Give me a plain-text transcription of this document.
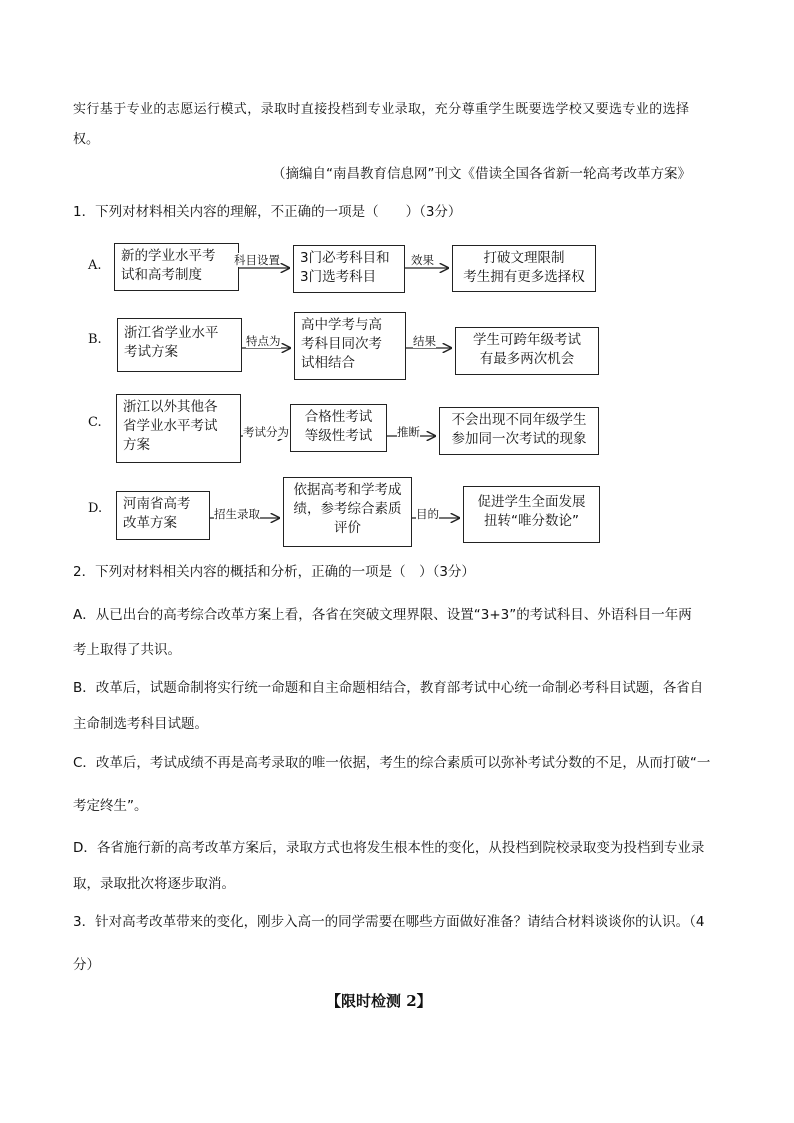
实行基于专业的志愿运行模式，录取时直接投档到专业录取，充分尊重学生既要选学校又要选专业的选择
权。
（摘编自“南昌教育信息网”刊文《借读全国各省新一轮高考改革方案》
1．下列对材料相关内容的理解，不正确的一项是（　　）（3分）
A.
新的学业水平考
试和高考制度
科目设置 3门必考科目和
3门选考科目
效果	打破文理限制
考生拥有更多选择权
B. 浙江省学业水平
考试方案
特点为
高中学考与高
考科目同次考
试相结合
结果	学生可跨年级考试
有最多两次机会
C.
浙江以外其他各
省学业水平考试
方案
考试分为
合格性考试
等级性考试	推断
不会出现不同年级学生
参加同一次考试的现象
D. 河南省高考
改革方案
招生录取
依据高考和学考成
绩，参考综合素质
评价
目的
促进学生全面发展
扭转“唯分数论”
2．下列对材料相关内容的概括和分析，正确的一项是（　）（3分）
A．从已出台的高考综合改革方案上看，各省在突破文理界限、设置“3+3”的考试科目、外语科目一年两
考上取得了共识。
B．改革后，试题命制将实行统一命题和自主命题相结合，教育部考试中心统一命制必考科目试题，各省自
主命制选考科目试题。
C．改革后，考试成绩不再是高考录取的唯一依据，考生的综合素质可以弥补考试分数的不足，从而打破“一
考定终生”。
D．各省施行新的高考改革方案后，录取方式也将发生根本性的变化，从投档到院校录取变为投档到专业录
取，录取批次将逐步取消。
3．针对高考改革带来的变化，刚步入高一的同学需要在哪些方面做好准备？请结合材料谈谈你的认识。（4
分）
【限时检测 2】
